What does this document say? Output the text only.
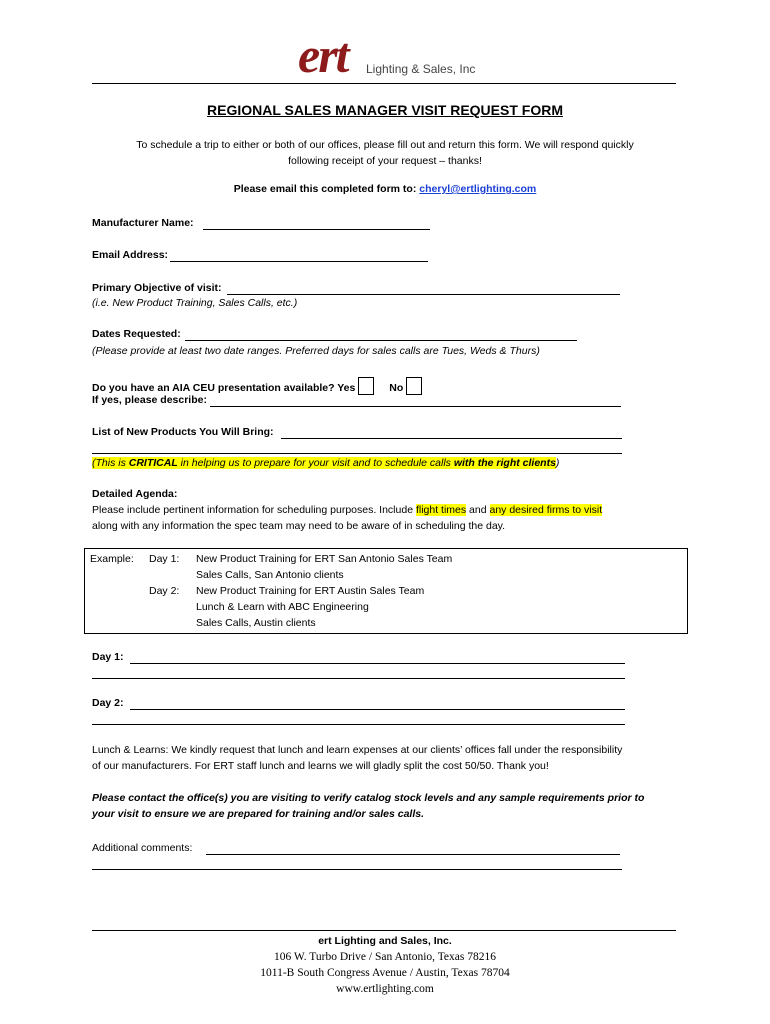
ert Lighting & Sales, Inc
REGIONAL SALES MANAGER VISIT REQUEST FORM
To schedule a trip to either or both of our offices, please fill out and return this form. We will respond quickly
following receipt of your request – thanks!
Please email this completed form to: cheryl@ertlighting.com
Manufacturer Name:
Email Address:
Primary Objective of visit:
(i.e. New Product Training, Sales Calls, etc.)
Dates Requested:
(Please provide at least two date ranges. Preferred days for sales calls are Tues, Weds & Thurs)
Do you have an AIA CEU presentation available? Yes	No
If yes, please describe:
List of New Products You Will Bring:
(This is CRITICAL in helping us to prepare for your visit and to schedule calls with the right clients)
Detailed Agenda:
Please include pertinent information for scheduling purposes. Include flight times and any desired firms to visit
along with any information the spec team may need to be aware of in scheduling the day.
Example: Day 1: New Product Training for ERT San Antonio Sales Team
Sales Calls, San Antonio clients
Day 2: New Product Training for ERT Austin Sales Team
Lunch & Learn with ABC Engineering
Sales Calls, Austin clients
Day 1:
Day 2:
Lunch & Learns: We kindly request that lunch and learn expenses at our clients’ offices fall under the responsibility
of our manufacturers. For ERT staff lunch and learns we will gladly split the cost 50/50. Thank you!
Please contact the office(s) you are visiting to verify catalog stock levels and any sample requirements prior to
your visit to ensure we are prepared for training and/or sales calls.
Additional comments:
ert Lighting and Sales, Inc.
106 W. Turbo Drive / San Antonio, Texas 78216
1011-B South Congress Avenue / Austin, Texas 78704
www.ertlighting.com
